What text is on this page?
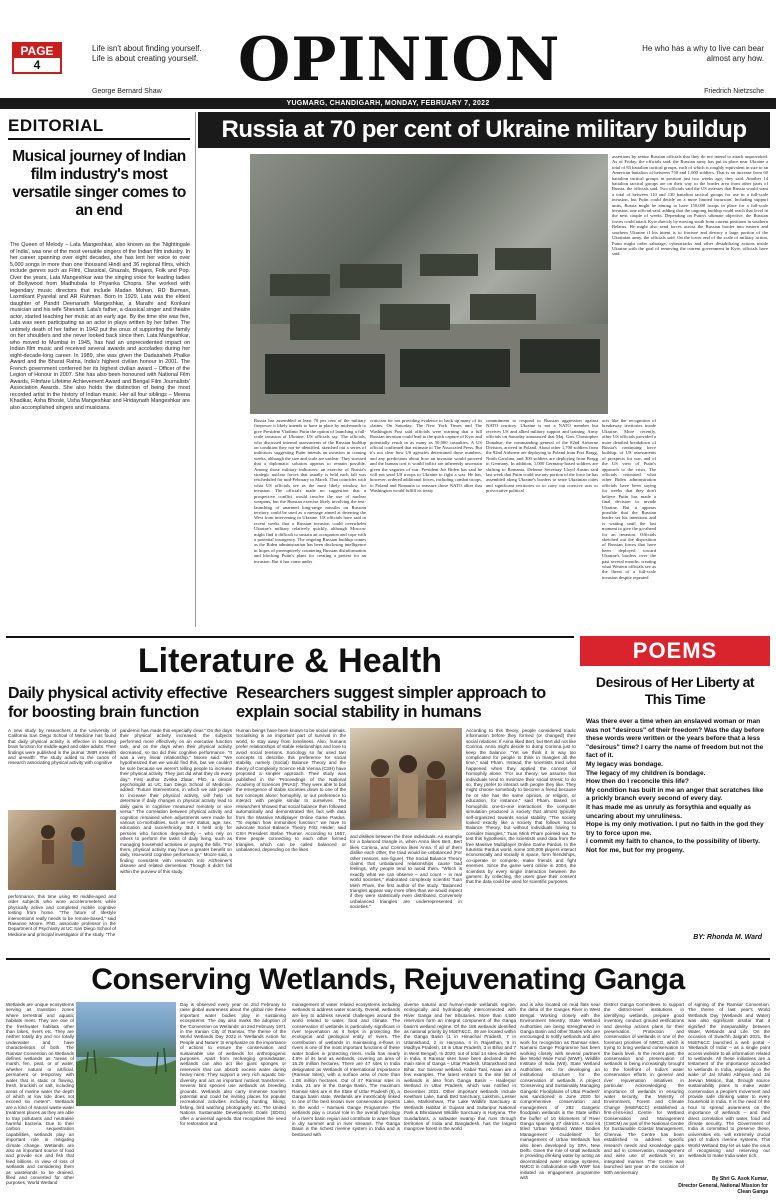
PAGE
4
Life isn't about finding yourself.
Life is about creating yourself.
George Bernard Shaw OPINION	He who has a why to live can bear
almost any how.
Friedrich Nietzsche
YUGMARG, CHANDIGARH, MONDAY, FEBRUARY 7, 2022
EDITORIAL
Musical journey of Indian film industry's most versatile singer comes to an end
The Queen of Melody – Lata Mangeshkar, also known as the 'Nightingale of India', was one of the most versatile singers of the Indian film industry. In her career spanning over eight decades, she has lent her voice to over 5,000 songs in more than one thousand Hindi and 36 regional films, which include genres such as Filmi, Classical, Ghazals, Bhajans, Folk and Pop. Over the years, Lata Mangeshkar was the singing voice for leading ladies of Bollywood from Madhubala to Priyanka Chopra. She worked with legendary music directors that include Madan Mohan, RD Burman, Laxmikant Pyarelal and AR Rahman. Born in 1929, Lata was the eldest daughter of Pandit Deenanath Mangeshkar, a Marathi and Konkani musician and his wife Shevanti. Lata's father, a classical singer and theatre actor, started teaching her music at an early age. By the time she was five, Lata was seen participating as an actor in plays written by her father. The untimely death of her father in 1942 put the onus of supporting the family on her shoulders and she never looked back since then. Lata Mangeshkar, who moved to Mumbai in 1945, has had an unprecedented impact on Indian film music and received several awards and accolades during her eight-decade-long career. In 1989, she was given the Dadasaheb Phalke Award and the Bharat Ratna, India's highest civilian honour in 2001. The French government conferred her its highest civilian award – Officer of the Legion of Honour in 2007. She has also been honoured with National Film Awards, Filmfare Lifetime Achievement Award and Bengal Film Journalists' Association Awards. She also holds the distinction of being the most recorded artist in the history of Indian music. Her all four siblings – Meena Khadikar, Asha Bhosle, Usha Mangeshkar and Hridaynath Mangeshkar are also accomplished singers and musicians.
Russia at 70 per cent of Ukraine military buildup
Russia has assembled at least 70 per cent of the military firepower it likely intends to have in place by mid-month to give President Vladimir Putin the option of launching a full-scale invasion of Ukraine, US officials say. The officials, who discussed internal assessments of the Russian buildup on condition they not be identified, sketched out a series of indicators suggesting Putin intends an invasion in coming weeks, although the size and scale are unclear. They stressed that a diplomatic solution appears to remain possible. Among those military indicators: an exercise of Russia's strategic nuclear forces that usually is held each fall was rescheduled for mid-February to March. That coincides with what US officials see as the most likely window for invasion. The officials made no suggestion that a prospective conflict would involve the use of nuclear weapons, but the Russian exercise likely involving the test-launching of unarmed long-range missiles on Russian territory could be used as a message aimed at deterring the West from intervening in Ukraine. US officials have said in recent weeks that a Russian invasion could overwhelm Ukraine's military relatively quickly, although Moscow might find it difficult to sustain an occupation and cope with a potential insurgency. The ongoing Russian buildup comes as the Biden administration has been disclosing intelligence in hopes of preemptively countering Russian disinformation and blocking Putin's plans for creating a pretext for an invasion. But it has come under
criticism for not providing evidence to back up many of its claims. On Saturday, The New York Times and The Washington Post said officials were warning that a full Russian invasion could lead to the quick capture of Kyiv and potentially result in as many as 50,000 casualties. A US official confirmed that estimate to The Associated Press. But it's not clear how US agencies determined those numbers, and any predictions about how an invasion would proceed and the human cost it would inflict are inherently uncertain given the vagaries of war. President Joe Biden has said he will not send US troops to Ukraine to fight a war. He has, however, ordered additional forces, including combat troops, to Poland and Romania to reassure those NATO allies that Washington would fulfill its treaty
commitment to respond to Russian aggression against NATO territory. Ukraine is not a NATO member but receives US and allied military support and training. Army officials on Saturday announced that Maj. Gen. Christopher Donahue, the commanding general of the 82nd Airborne Division, arrived in Poland. About other 1,700 soldiers from the 82nd Airborne are deploying to Poland from Fort Bragg, North Carolina, and 300 soldiers are deploying from Bragg to Germany. In addition, 1,000 Germany-based soldiers are shifting to Romania. Defense Secretary Lloyd Austin said last week that Putin could use any portion of the force he has assembled along Ukraine's borders to seize Ukrainian cities and significant territories or to carry out coercive acts or provocative political
acts like the recognition of breakaway territories inside Ukraine. More recently, other US officials provided a more detailed breakdown of Russia's continuing force buildup, of US assessments of prospects for war, and of the US view of Putin's approach to the crisis. The officials reiterated what other Biden administration officials have been saying for weeks that they don't believe Putin has made a final decision to invade Ukraine. But it appears possible that the Russian leader set his intentions and is waiting until the last moment to give the go-ahead for an invasion. Officials sketched out the disposition of Russian forces that have been deployed toward Ukraine's borders over the past several months, creating what Western officials see as the threat of a full-scale invasion despite repeated
assertions by senior Russian officials that they do not intend to attack unprovoked. As of Friday, the officials said, the Russian army has put in place near Ukraine a total of 83 battalion tactical groups, each of which is roughly equivalent in size to an American battalion of between 750 and 1,000 soldiers. That is an increase from 60 battalion tactical groups in position just two weeks ago, they said. Another 14 battalion tactical groups are on their way to the border area from other parts of Russia, the officials said. Two officials said the US assesses that Russia would want a total of between 110 and 130 battalion tactical groups for use in a full-scale invasion, but Putin could decide on a more limited incursion. Including support units, Russia might be aiming to have 150,000 troops in place for a full-scale invasion, one official said, adding that the ongoing buildup could reach that level in the next couple of weeks. Depending on Putin's ultimate objective, the Russian forces could attack Kyiv directly by moving south from current positions in southern Belarus. He might also send forces across the Russian border into eastern and southern Ukraine if his intent is to fracture and destroy a large portion of the Ukrainian army, the officials said. On the lower end of the scale of military action, Putin might order sabotage, cyberattacks and other destabilizing actions inside Ukraine with the goal of removing the current government in Kyiv, officials have said.
Literature & Health
Daily physical activity effective for boosting brain function
A new study by researchers at the University of California San Diego School of Medicine has found that daily physical activity is effective in boosting brain function for middle-aged and older adults. Their findings were published in the journal 'JMIR mHealth and uHealth'. The study added to the canon of research associating physical activity with cognitive
performance, this time using 90 middle-aged and older subjects who wore accelerometers while physically active and completed mobile cognitive testing from home. "The future of lifestyle interventions really needs to be remote-based," said Raeanne Moore, PhD, associate professor in the Department of Psychiatry at UC San Diego School of Medicine and principal investigator of the study. "The
pandemic has made this especially clear." On the days their physical activity increased, the subjects performed more effectively on an executive function task, and on the days when their physical activity decreased, so too did their cognitive performance. "It was a very linear relationship," Moore said. "We hypothesized that we would find this, but we couldn't be sure because we weren't telling people to increase their physical activity. They just did what they do every day." First author Zvinka Zlatar, PhD, a clinical psychologist at UC San Diego School of Medicine, added: "Future interventions, in which we ask people to increase their physical activity, will help us determine if daily changes in physical activity lead to daily gains in cognitive measured remotely or vice versa." The correlation between physical activity and cognition remained when adjustments were made for various co-morbidities, such as HIV status, age, sex, education and race/ethnicity. But it held only for persons who function dependently – who rely on others to perform the tasks of daily living, such as managing household activities or paying the bills. "For them, physical activity may have a greater benefit on daily, real-world cognitive performance," Moore said, a finding consistent with research into Alzheimer's disease and related dementias. Though it didn't fall within the purview of this study.
Researchers suggest simpler approach to explain social stability in humans
Human beings have been known to be social animals. Socialising is an important part of survival in the world, to stay away from loneliness. Also, humans prefer relationships of stable relationships and love to avoid social tensions. Sociology so far used two concepts to describe this preference for social stability, namely (Social) Balance Theory and the theory of Complexity Science Hub Vienna (CSH) have proposed a simpler approach. Their study was published in the 'Proceedings of the National Academy of Sciences (PNAS)'. They were able to boil the emergence of stable societies down to one of the two concepts alone: homophily, or our preference to interact with people similar to ourselves. The researchers showed that social balance then followed automatically and demonstrated this fact with data from the Massive Multiplayer Online Game Pardus. "To explain how immunities function," we have to advocate Social Balance Theory Fritz Heider, said CSH President Stefan Thurner. According to 1957, three people connecting to each other formed triangles, which can be called balanced or unbalanced, depending on the likes
and dislikes between the three individuals. An example for a balanced triangle is, when Anna likes Bert, Bert likes Corinna, and Corinna likes Anna. If all of them dislike each other, the triad would be unbalanced (For other reasons, see figure). The Social Balance Theory claims that unbalanced relationships cause bad feelings, why people tend to avoid them. "Which is exactly what we can observe – and count – in real world societies," elaborated complexity scientist Tuan Minh Pham, the first author of the study. "Balanced triangles appear way more often than we would expect if they were statistically even distributed. Conversely unbalanced triangles are underrepresented in societies."
According to this theory, people considered triadic information before they formed (or changed) their social relations: If Anna liked Bert, but Bert did not like Corinna, Anna might decide to dump Corinna just to keep the balance. "Yet we think it is way too complicated for people to think in triangles all the time," said Pham. Instead, the scientists tried what happened when they applied the concept of homophily alone. "For our theory, we assume that individuals tend to minimize their social stress: to do so, they prefer to interact with people they like. They might choose somebody to become a friend because he or she has the same opinion, or religion, or education, for instance," said Pham. Based on homophilic one-to-one interactions, the computer simulation produced a society that almost typically self-organized towards social stability. "The society looked exactly like a society that follows Social Balance Theory, but without individuals having to consider triangles," Tuan Minh Pham pointed out. To test this hypothesis, the scientists used data from the free Massive Multiplayer Online Game Pardus. In the futuristic Pardus world, some 100,000 players interact economically and socially in space, form friendships, co-operate or compete, make friends and fight enemies. Since the game went online in 2004, the scientists by every single interaction between the gamers; by collecting, the users gave their consent that the data could be used for scientific purposes.
POEMS
Desirous of Her Liberty at This Time
Was there ever a time when an enslaved woman or man was not "desirous" of their freedom? Was the day before these words were written or the years before that a less "desirous" time? I carry the name of freedom but not the fact of it.
My legacy was bondage.
The legacy of my children is bondage.
How then do I reconcile this life?
My condition has built in me an anger that scratches like a prickly branch every second of every day.
It has made me as unruly as forsythia and equally as uncaring about my unruliness.
Hope is my only motivation. I put no faith in the god they try to force upon me.
I commit my faith to chance, to the possibility of liberty. Not for me, but for my progeny.
BY: Rhonda M. Ward
Conserving Wetlands, Rejuvenating Ganga
Wetlands are unique ecosystems serving as transition zones where terrestrial and aquatic habitats meet. They are one of the freshwater habitats other than lakes, rivers etc. They are neither totally dry and nor totally underwater and have characteristics of both. The Ramsar Convention on Wetlands defines wetlands as "areas of marsh, fen, peat, or of water, whether natural or artificial, permanent or temporary with water that is static or flowing, fresh, brackish or salt, including areas of marine water the depth of which at low tide does not exceed six meters". Wetlands are a kind of natural waste-water treatment places as they are able to trap pollutants and neutralise harmful bacteria. Due to their carbon sequestration capabilities, wetlands play an important role in mitigating climate change. Wetlands are also an important source of food and provide rice and fish that feed billions. In view of loss of wetlands and considering them as wastelands to be drained, filled and converted for other purposes, World Wetland
Day is observed every year on 2nd February to raise global awareness about the global role these important water bodies play in sustaining ecosystems. The day also marks the adoption of the 'Convention on Wetlands' on 2nd February 1971 in the Iranian City of Ramsar. The theme of the World Wetlands Day 2022 is 'Wetlands Action for People and Nature' to emphasize on the importance of actions to ensure the conservation and sustainable use of wetlands for anthropogenic purposes. Apart from recharging groundwater, wetlands can also act like giant sponges or reservoirs that can absorb excess water during heavy rains. They support a very rich aquatic bio-diversity and act as important nutrient transformer. Several bird species use wetlands as breeding grounds. Wetlands also carry immense tourism potential and could be inviting places for popular recreational activities including hunting, hiking, fishing, bird watching photography etc. The United Nations Sustainable Development Goals (SDGs) offer a universal agenda that recognizes the need for restoration and
management of water related ecosystems including wetlands to address water scarcity. Overall, wetlands are key to address several challenges around the world related to water, food and climate. The conservation of wetlands is particularly significant in river rejuvenation as it helps in protecting the ecological and geological entity of rivers. The contribution of wetlands in maintaining e-flows in rivers is one of the most important functions of these water bodies in protecting rivers. India has nearly 4.6% of its land as wetlands, covering an area of 15.26 million hectares. There are 47 sites in India designated as Wetlands of International Importance (Ramsar Sites), with a surface area of more than 1.08 million hectares. Out of 47 Ramsar sites in India, 21 are in the Ganga Basin. The maximum Ramsar sites are in the State of Uttar Pradesh (8), a Ganga basin state. Wetlands are inextricably linked to one of the best known river conservation projects in the world – Namami Gange Programme. The wetlands play a crucial role in the overall hydrology of a river's basin region and contribute to water flows in dry summer and in river streams. The Ganga Basin is the richest riverine system in India and is bestowed with
diverse natural and human-made wetlands regime, ecologically and hydrologically interconnected with River Ganga and her tributaries. More than 4,500 reservoirs form an integral component of the Ganga basin's wetland regime. Of the 186 wetlands identified as national priority by MoEF&CC, 49 are located within the Ganga Basin (1 in Himachal Pradesh, 7 in Uttarakhand, 2 in Haryana, 4 in Rajasthan, 9 in Madhya Pradesh, 16 in Uttar Pradesh, 3 in Bihar and 7 in West Bengal). In 2020, out of total 14 sites declared in India, 8 Ramsar sites have been declared in the main stem of Ganga – Uttar Pradesh, Uttarakhand and Bihar. Sur Sarovar wetland, Kabar Taal, Asaan are a few examples. The latest entrant to the site list of wetlands is also from Ganga Basin – Haiderpur Wetland in Uttar Pradesh, which was notified in December 2021. Other important wetlands include Keetham Lake, Sandi Bird Sanctuary, Lakshmi, Lesser Lake, Markeshwar, The Lake Wildlife Sanctuary & Wetlands Habitat in Gujarat and Sultanpur National Park & Bhindawas Wildlife Sanctuary in Haryana. The Sundarbans, a saltwater swamp that runs through territories of India and Bangladesh, has the largest mangrove forest in the world
and is also located on mud flats near the delta of the Ganges River in West Bengal. Working closely with the Environment Ministry, State Wetland Authorities are being strengthened in Ganga Basin and other States who are encouraged to notify wetlands and also work for recognition as Ramsar sites. Namami Gange Programme has been working closely with several partners like World Wide Fund (WWF), Wildlife Institute of India (WII), State Wetland Authorities etc. for developing an institutional structure for the conservation of wetlands. A project 'Conserving and Sustainably Managing Gangetic Floodplains of Uttar Pradesh' was sanctioned in June 2020 for comprehensive conservation and management of 282 Gangetic floodplain wetlands in the State within the buffer of 10 kilometers of River Ganga spanning 27 districts. A tool kit titled 'Urban Wetland Water Bodies Management Guidelines' for management of Urban Wetlands has also been developed by SPA, New Delhi. Given the role of small wetlands in providing drinking water by acting as decentralized water storage systems, NMCG in collaboration with WWF has initiated an engagement programme with
District Ganga Committees to support the district-level institutions in identifying wetlands, prepare good inventory, conduct ground verifications and develop actions plans for their preservation. Protection and conservation of wetlands is one of the foremost priorities of NMCG, which is trying to bring wetland conservation to the basin level. In the recent past, the conservation and preservation of wetlands is being increasingly brought to the forefront of India's water conservation efforts in general and river rejuvenation initiatives in particular. Acknowledging the importance of wetlands in ensuring water security, the Ministry of Environment, Forest and Climate Change (MoEF&CC) established a first-of-its-kind Centre for Wetland Conservation and Management (CWCM) as part of the National Centre for Sustainable Coastal Management, Chennai. The Centre has been established to address specific research needs and knowledge gaps and aid in conservation, management and wise use of wetlands in an integrated manner. The Centre was launched last year on the occasion of 50th anniversary
of signing of the Ramsar Convention. The theme of last year's World Wetlands Day (Wetlands and Water) was also significant insofar that it signified the inseparability between Water, Wetlands and Life. On the occasion of Swachh Jalgrah 2021, the MoEF&CC launched a web portal – 'Wetlands of India' – as a single point access website to all information related to wetlands. All these initiatives are a testament of the importance accorded to wetlands in India, especially in the wake of Jal Shakti Abhiyan and Jal Jeevan Mission, that, through source sustainability plans to make water conservation a people's movement and provide safe drinking water to every household in India. It is the need of the hour to spread awareness on the importance of wetlands – and their direct correlation with water, food and climate security. The Government of India is committed to preserve these, universities etc. will extremely crucial part of India's riverine systems. This World Wetland Day let us take the onus of recognising and reserving our wetlands to make India water rich.
By Shri G. Asok Kumar,
Director General, National Mission for Clean Ganga
